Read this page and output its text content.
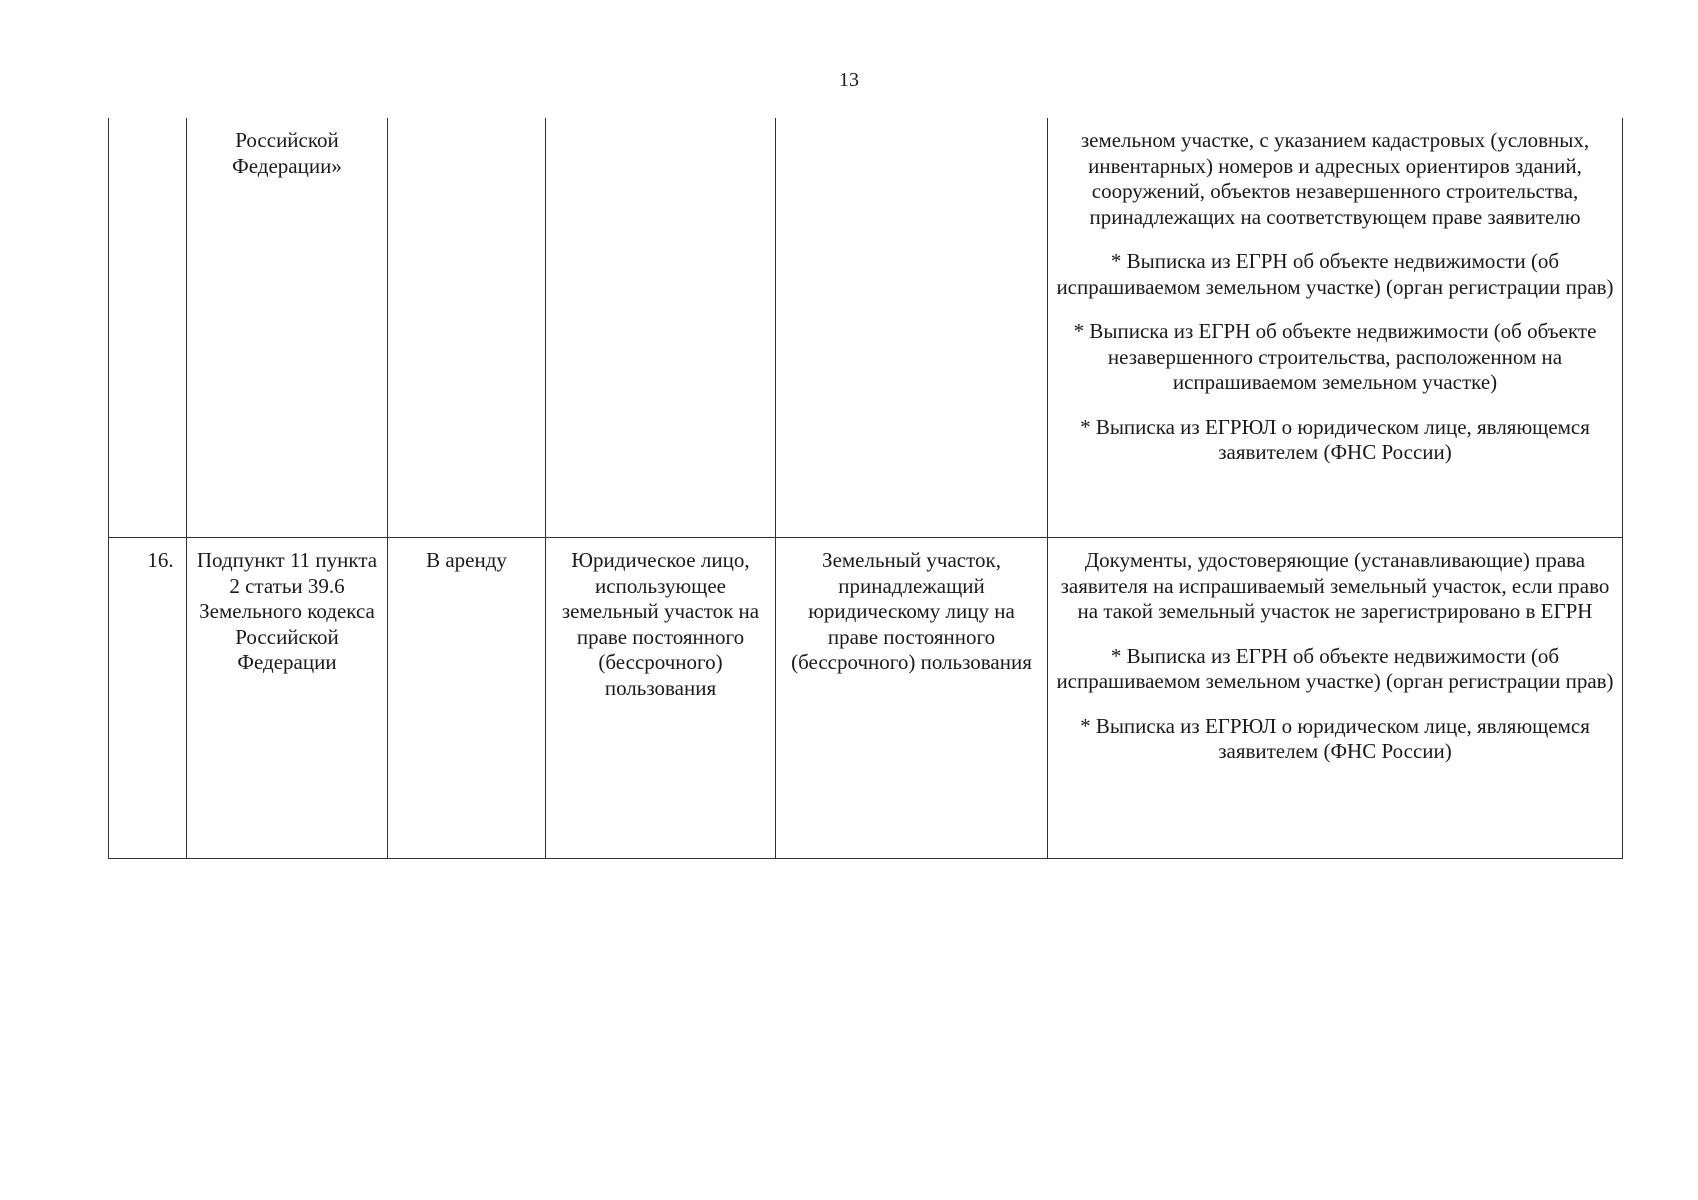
13
	Российской Федерации»				земельном участке, с указанием кадастровых (условных, инвентарных) номеров и адресных ориентиров зданий, сооружений, объектов незавершенного строительства, принадлежащих на соответствующем праве заявителю

* Выписка из ЕГРН об объекте недвижимости (об испрашиваемом земельном участке) (орган регистрации прав)

* Выписка из ЕГРН об объекте недвижимости (об объекте незавершенного строительства, расположенном на испрашиваемом земельном участке)

* Выписка из ЕГРЮЛ о юридическом лице, являющемся заявителем (ФНС России)

16.	Подпункт 11 пункта 2 статьи 39.6 Земельного кодекса Российской Федерации	В аренду	Юридическое лицо, использующее земельный участок на праве постоянного (бессрочного) пользования	Земельный участок, принадлежащий юридическому лицу на праве постоянного (бессрочного) пользования	Документы, удостоверяющие (устанавливающие) права заявителя на испрашиваемый земельный участок, если право на такой земельный участок не зарегистрировано в ЕГРН

* Выписка из ЕГРН об объекте недвижимости (об испрашиваемом земельном участке) (орган регистрации прав)

* Выписка из ЕГРЮЛ о юридическом лице, являющемся заявителем (ФНС России)
